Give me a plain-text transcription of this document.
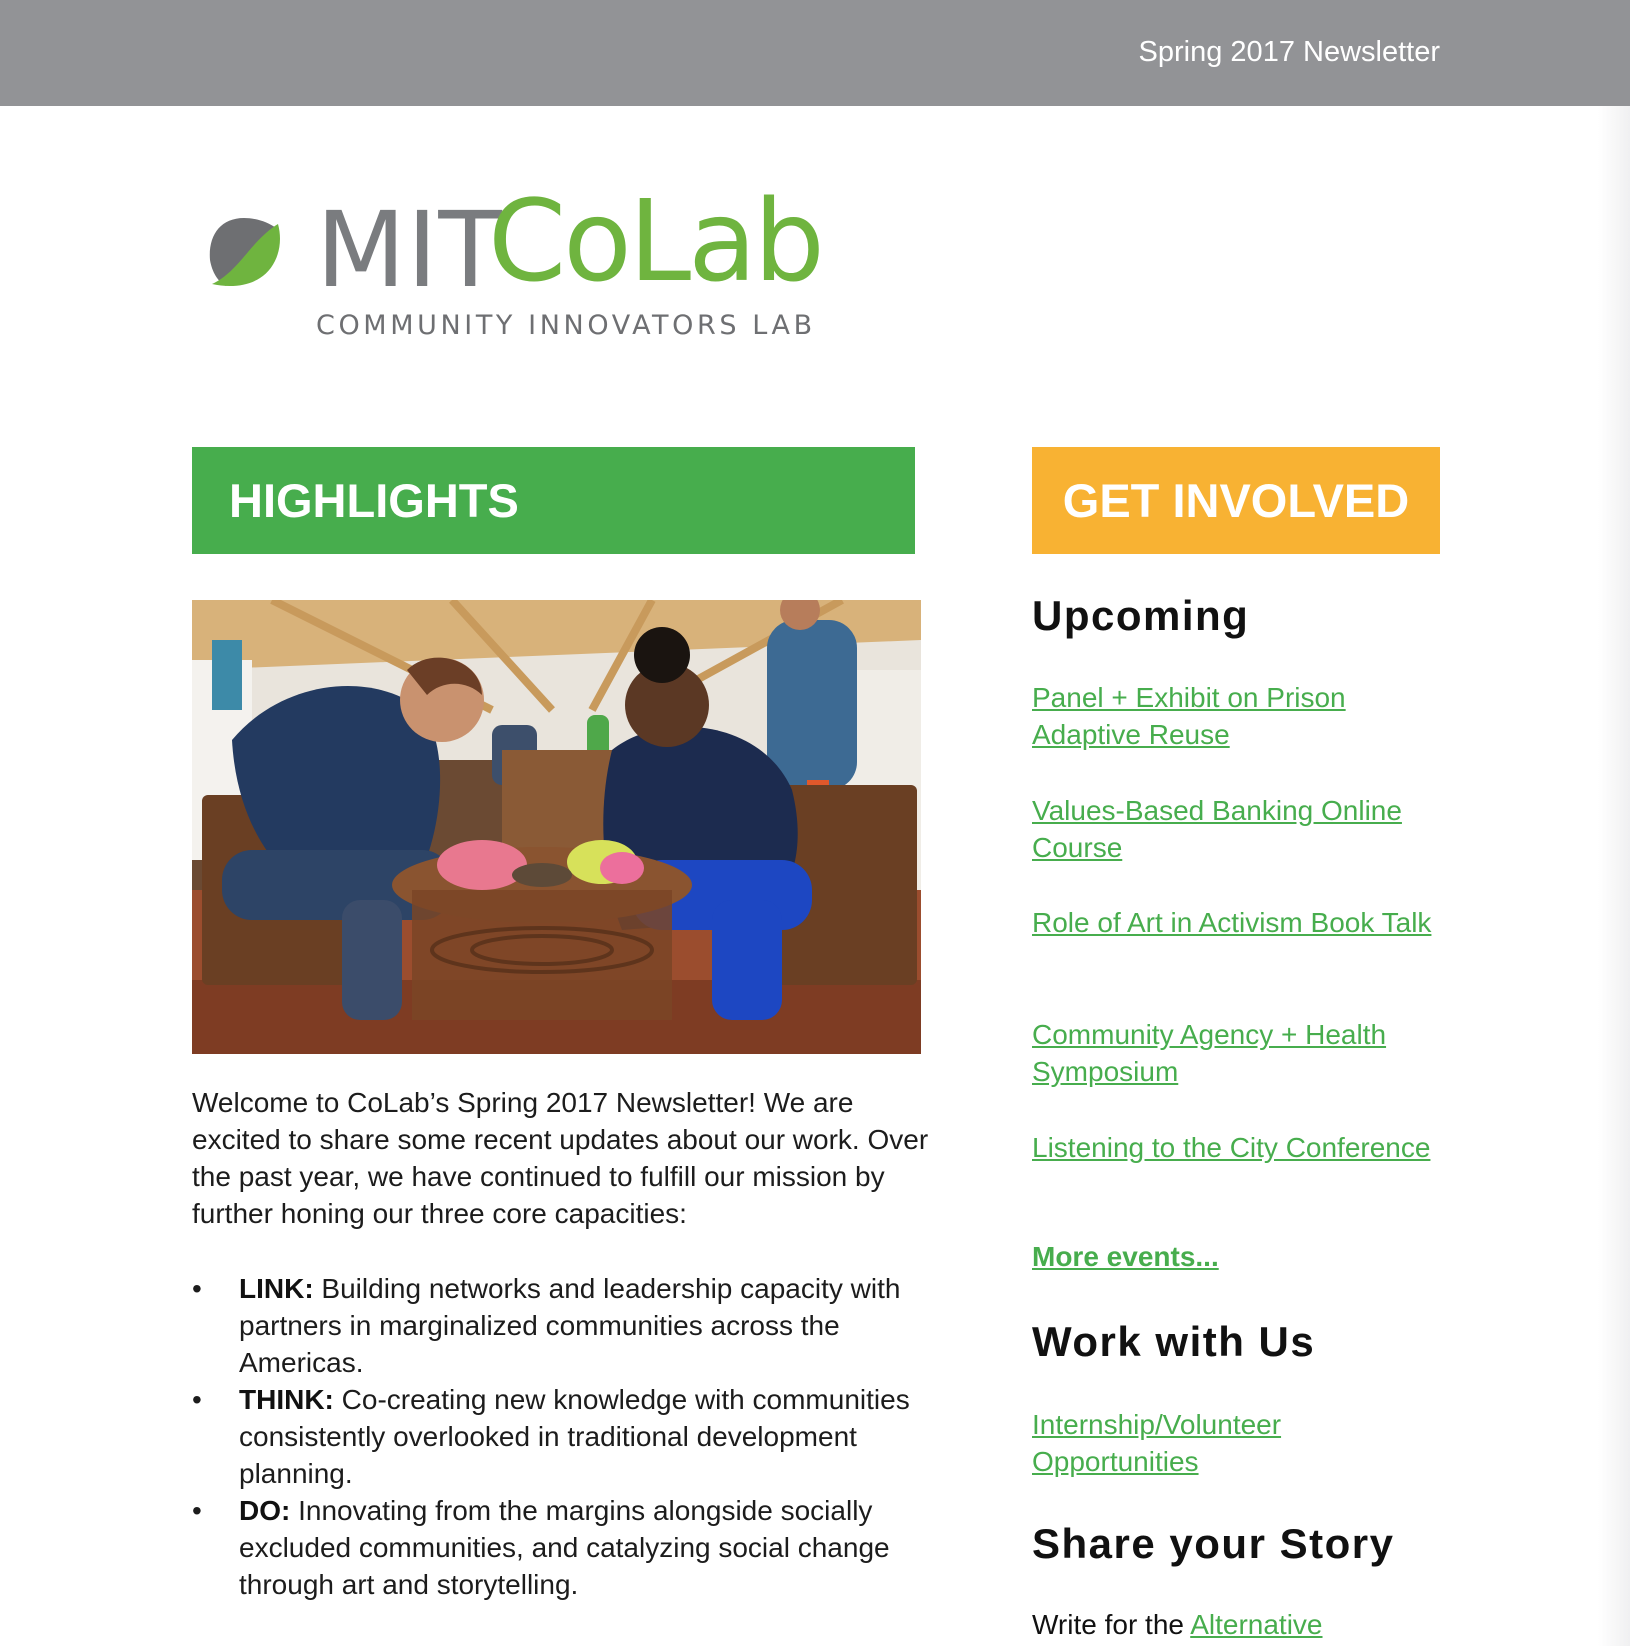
Spring 2017 Newsletter
MIT
CoLab
COMMUNITY INNOVATORS LAB
HIGHLIGHTS	GET INVOLVED

Welcome to CoLab’s Spring 2017 Newsletter! We are excited to share some recent updates about our work. Over the past year, we have continued to fulfill our mission by further honing our three core capacities:

• LINK: Building networks and leadership capacity with partners in marginalized communities across the Americas.
• THINK: Co-creating new knowledge with communities consistently overlooked in traditional development planning.
• DO: Innovating from the margins alongside socially excluded communities, and catalyzing social change through art and storytelling.
Upcoming
Panel + Exhibit on Prison Adaptive Reuse
Values-Based Banking Online Course
Role of Art in Activism Book Talk
Community Agency + Health Symposium
Listening to the City Conference
More events...
Work with Us
Internship/Volunteer Opportunities
Share your Story
Write for the Alternative
